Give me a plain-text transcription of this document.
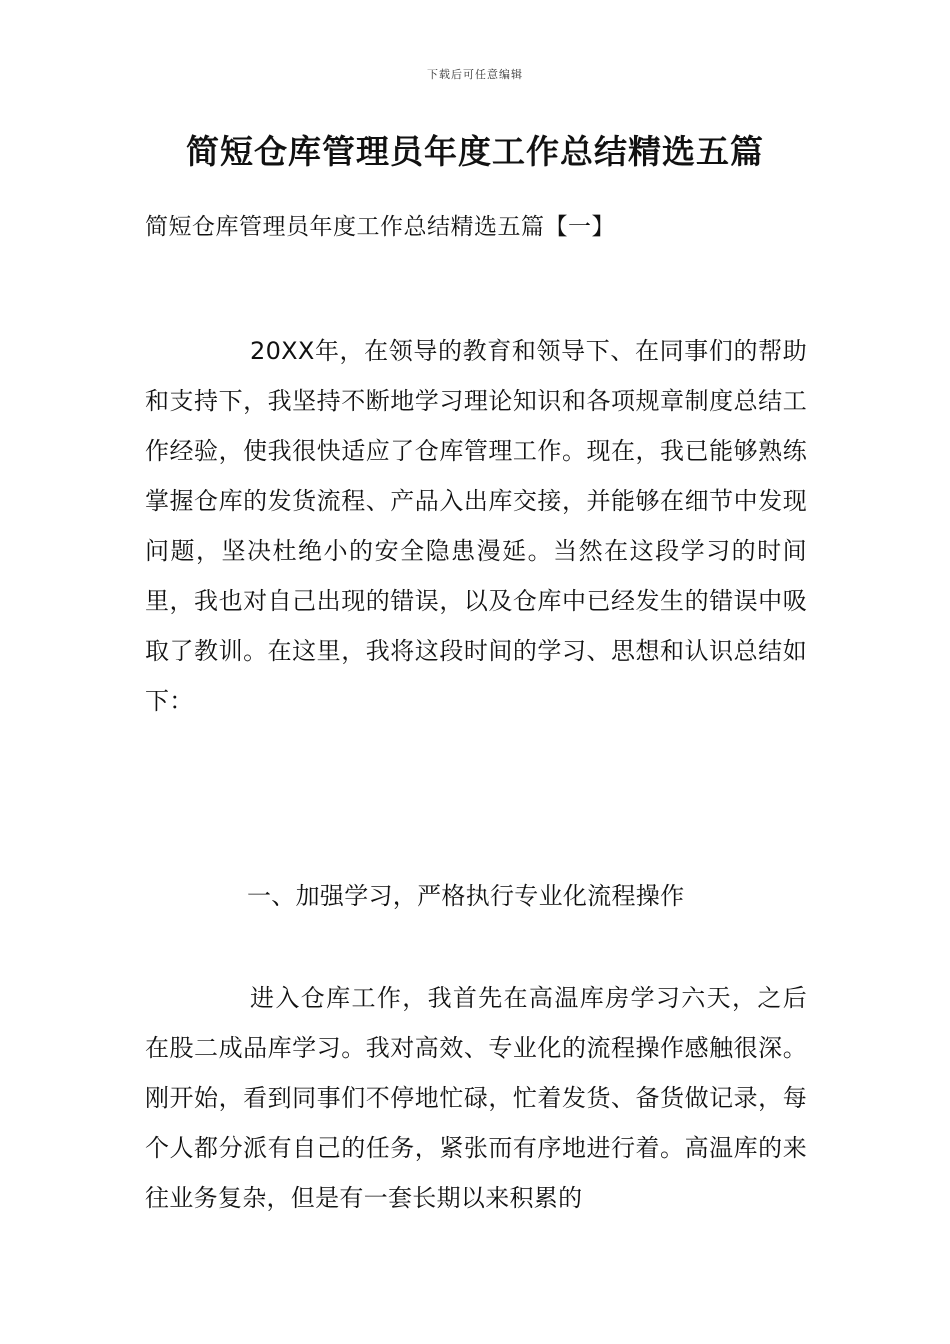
下载后可任意编辑
简短仓库管理员年度工作总结精选五篇
简短仓库管理员年度工作总结精选五篇【一】
20XX年，在领导的教育和领导下、在同事们的帮助和支持下，我坚持不断地学习理论知识和各项规章制度总结工作经验，使我很快适应了仓库管理工作。现在，我已能够熟练掌握仓库的发货流程、产品入出库交接，并能够在细节中发现问题，坚决杜绝小的安全隐患漫延。当然在这段学习的时间里，我也对自己出现的错误，以及仓库中已经发生的错误中吸取了教训。在这里，我将这段时间的学习、思想和认识总结如下：
一、加强学习，严格执行专业化流程操作
进入仓库工作，我首先在高温库房学习六天，之后在股二成品库学习。我对高效、专业化的流程操作感触很深。刚开始，看到同事们不停地忙碌，忙着发货、备货做记录，每个人都分派有自己的任务，紧张而有序地进行着。高温库的来往业务复杂，但是有一套长期以来积累的
